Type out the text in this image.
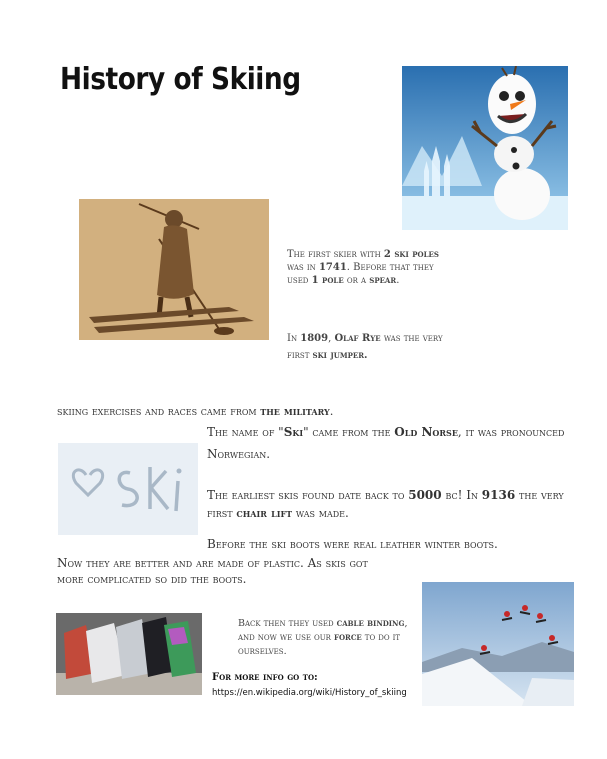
History of Skiing
The first skier with 2 ski poles was in 1741. Before that they used 1 pole or a spear.
In 1809, Olaf Rye was the very first ski jumper.
skiing exercises and races came from the military.
The name of "Ski" came from the Old Norse, it was pronounced Norwegian.
The earliest skis found date back to 5000 bc! In 9136 the very first chair lift was made.
Before the ski boots were real leather winter boots.
Now they are better and are made of plastic. As skis got more complicated so did the boots.
Back then they used cable binding, and now we use our force to do it ourselves.
For more info go to:
https://en.wikipedia.org/wiki/History_of_skiing
